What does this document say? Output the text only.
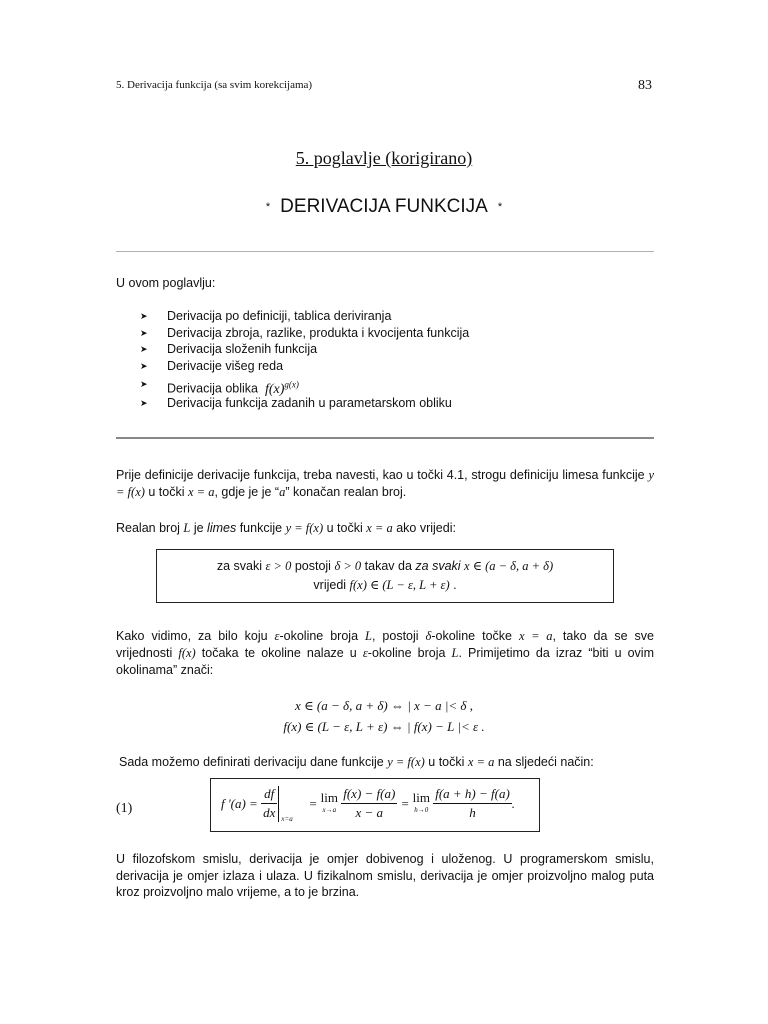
5. Derivacija funkcija (sa svim korekcijama)	83
5. poglavlje (korigirano)
* DERIVACIJA FUNKCIJA *
U ovom poglavlju:
➤ Derivacija po definiciji, tablica deriviranja
➤ Derivacija zbroja, razlike, produkta i kvocijenta funkcija
➤ Derivacija složenih funkcija
➤ Derivacije višeg reda
➤ Derivacija oblika $f(x)^{g(x)}$
➤ Derivacija funkcija zadanih u parametarskom obliku
Prije definicije derivacije funkcija, treba navesti, kao u točki 4.1, strogu definiciju limesa funkcije y = f(x) u točki x = a, gdje je je “a” konačan realan broj.
Realan broj L je limes funkcije y = f(x) u točki x = a ako vrijedi:
za svaki ε > 0 postoji δ > 0 takav da za svaki x ∈ (a − δ, a + δ)
vrijedi f(x) ∈ (L − ε, L + ε) .
Kako vidimo, za bilo koju ε-okoline broja L, postoji δ-okoline točke x = a, tako da se sve vrijednosti f(x) točaka te okoline nalaze u ε-okoline broja L. Primijetimo da izraz “biti u ovim okolinama” znači:
x ∈ (a − δ, a + δ) ⇔ | x − a |< δ ,
f(x) ∈ (L − ε, L + ε) ⇔ | f(x) − L |< ε .
Sada možemo definirati derivaciju dane funkcije y = f(x) u točki x = a na sljedeći način:
(1)	f '$(a) = \frac{df}{dx} x=a$
= lim
x→a
$\frac{f(x) - f(a)}{x - a} = \lim$
h→0
$\frac{f(a + h) - f(a)}{h}$ .
U filozofskom smislu, derivacija je omjer dobivenog i uloženog. U programerskom smislu, derivacija je omjer izlaza i ulaza. U fizikalnom smislu, derivacija je omjer proizvoljno malog puta kroz proizvoljno malo vrijeme, a to je brzina.
